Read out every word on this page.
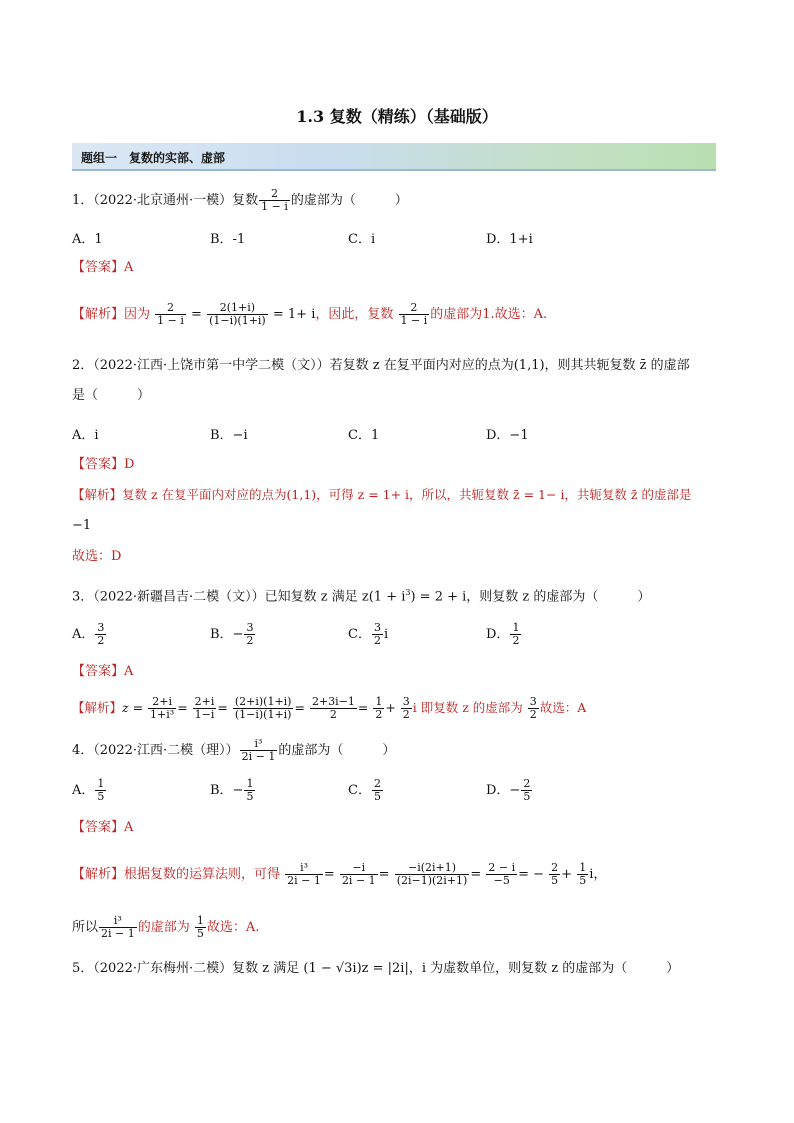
1.3 复数（精练）（基础版）
题组一　复数的实部、虚部
1．（2022·北京通州·一模）复数 $\frac{2}{1 - i}$ 的虚部为（　　　）
A．1	B．-1	C．i	D．1+i
【答案】A
【解析】因为 $\frac{2}{1 - i} = \frac{2(1+i)}{(1-i)(1+i)} = 1+ i$，因此，复数 $\frac{2}{1 - i}$ 的虚部为1.故选：A.
2．（2022·江西·上饶市第一中学二模（文））若复数 z 在复平面内对应的点为(1,1)，则其共轭复数 z̄ 的虚部
是（　　　）
A．i	B．−i	C．1	D．−1
【答案】D
【解析】复数 z 在复平面内对应的点为(1,1)，可得 z = 1+ i，所以，共轭复数 z̄ = 1− i，共轭复数 z̄ 的虚部是
−1
故选：D
3．（2022·新疆昌吉·二模（文））已知复数 z 满足 $z(1 + i^3) = 2 + i$，则复数 z 的虚部为（　　　）
A． $\frac{3}{2}$	B．− $\frac{3}{2}$	C． $\frac{3}{2}$ i	D． $\frac{1}{2}$
【答案】A
【解析】$z = \frac{2+i}{\text{1+i³}} = \frac{2+i}{1-i} = \frac{(2+i)(1+i)}{(1-i)(1+i)} = \frac{2+3i-1}{2} = \frac{1}{2} + \frac{3}{2}$ i 即复数 z 的虚部为 $\frac{3}{2}$ 故选：A
4．（2022·江西·二模（理）） $\frac{\text{i³}}{2i - 1}$ 的虚部为（　　　）
A． $\frac{1}{5}$	B．− $\frac{1}{5}$	C． $\frac{2}{5}$	D．− $\frac{2}{5}$
【答案】A
【解析】根据复数的运算法则，可得 $\frac{\text{i³}}{2i - 1} = \frac{-i}{2i - 1} = \frac{-i(2i+1)}{(2i-1)(2i+1)} = \frac{2 - i}{-5}$ = − $\frac{2}{5} + \frac{1}{5}$ i，
所以 $\frac{\text{i³}}{2i - 1}$ 的虚部为 $\frac{1}{5}$ 故选：A.
5．（2022·广东梅州·二模）复数 z 满足 (1 − √3i)z = |2i|，i 为虚数单位，则复数 z 的虚部为（　　　）
